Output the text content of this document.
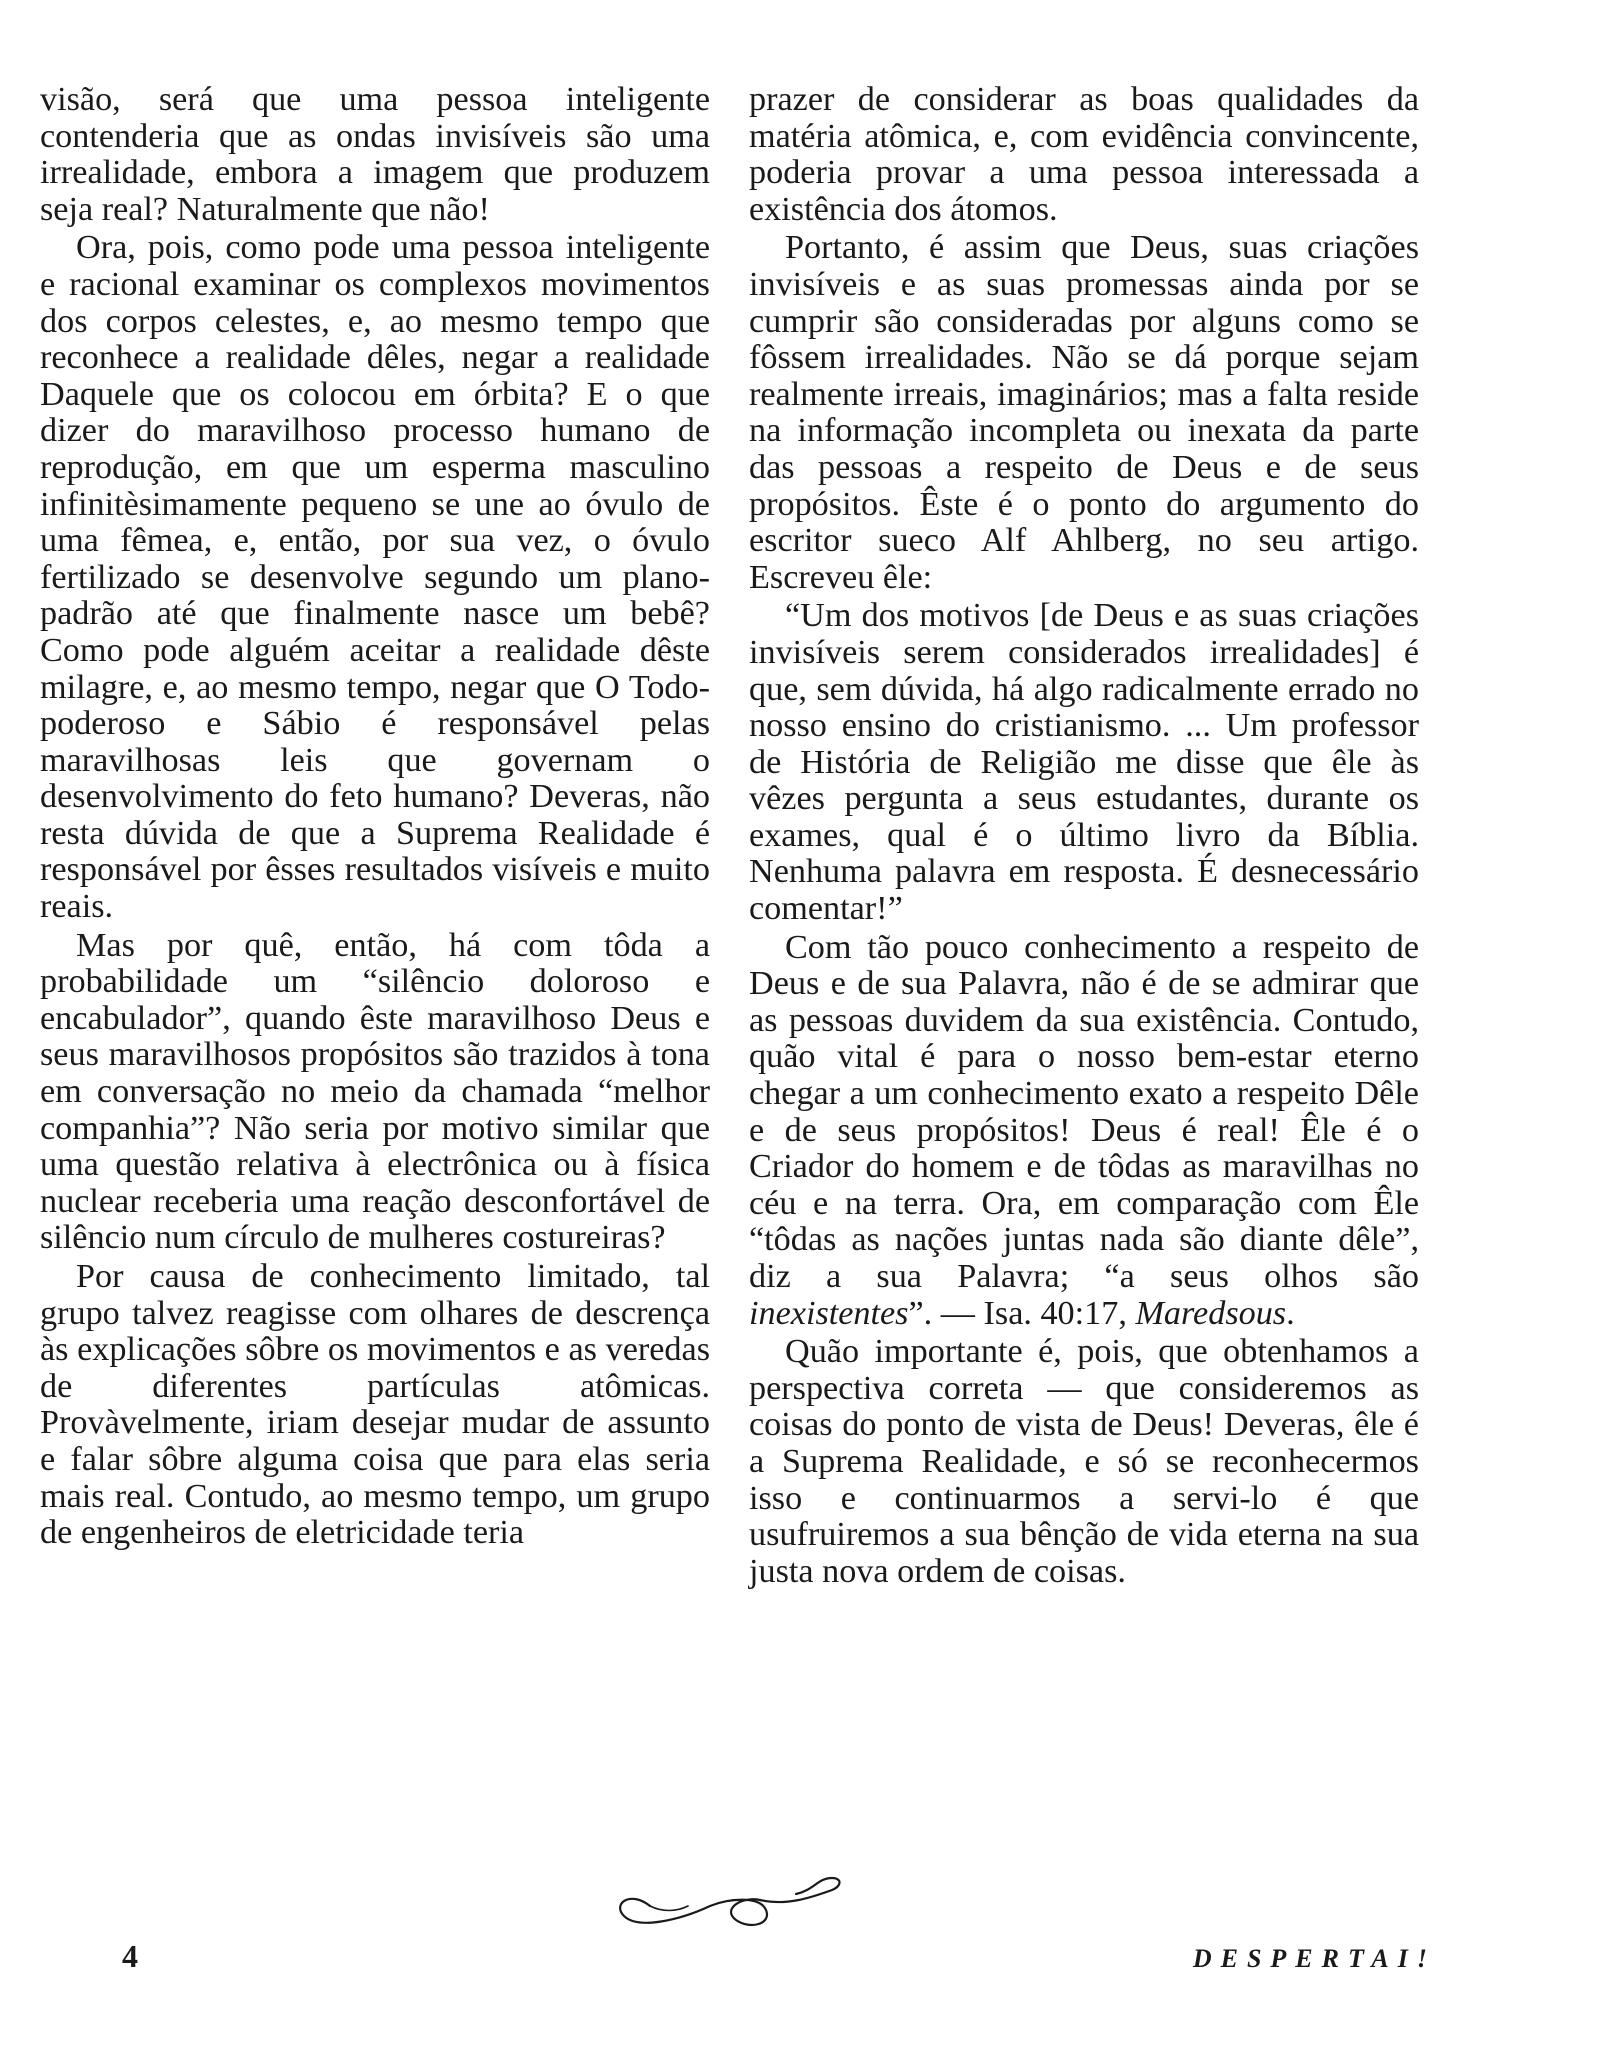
visão, será que uma pessoa inteligente contenderia que as ondas invisíveis são uma irrealidade, embora a imagem que produzem seja real? Naturalmente que não!

Ora, pois, como pode uma pessoa inteligente e racional examinar os complexos movimentos dos corpos celestes, e, ao mesmo tempo que reconhece a realidade dêles, negar a realidade Daquele que os colocou em órbita? E o que dizer do maravilhoso processo humano de reprodução, em que um esperma masculino infinitèsimamente pequeno se une ao óvulo de uma fêmea, e, então, por sua vez, o óvulo fertilizado se desenvolve segundo um plano-padrão até que finalmente nasce um bebê? Como pode alguém aceitar a realidade dêste milagre, e, ao mesmo tempo, negar que O Todo-poderoso e Sábio é responsável pelas maravilhosas leis que governam o desenvolvimento do feto humano? Deveras, não resta dúvida de que a Suprema Realidade é responsável por êsses resultados visíveis e muito reais.

Mas por quê, então, há com tôda a probabilidade um “silêncio doloroso e encabulador”, quando êste maravilhoso Deus e seus maravilhosos propósitos são trazidos à tona em conversação no meio da chamada “melhor companhia”? Não seria por motivo similar que uma questão relativa à electrônica ou à física nuclear receberia uma reação desconfortável de silêncio num círculo de mulheres costureiras?

Por causa de conhecimento limitado, tal grupo talvez reagisse com olhares de descrença às explicações sôbre os movimentos e as veredas de diferentes partículas atômicas. Provàvelmente, iriam desejar mudar de assunto e falar sôbre alguma coisa que para elas seria mais real. Contudo, ao mesmo tempo, um grupo de engenheiros de eletricidade teria

prazer de considerar as boas qualidades da matéria atômica, e, com evidência convincente, poderia provar a uma pessoa interessada a existência dos átomos.

Portanto, é assim que Deus, suas criações invisíveis e as suas promessas ainda por se cumprir são consideradas por alguns como se fôssem irrealidades. Não se dá porque sejam realmente irreais, imaginários; mas a falta reside na informação incompleta ou inexata da parte das pessoas a respeito de Deus e de seus propósitos. Êste é o ponto do argumento do escritor sueco Alf Ahlberg, no seu artigo. Escreveu êle:

“Um dos motivos [de Deus e as suas criações invisíveis serem considerados irrealidades] é que, sem dúvida, há algo radicalmente errado no nosso ensino do cristianismo. ... Um professor de História de Religião me disse que êle às vêzes pergunta a seus estudantes, durante os exames, qual é o último livro da Bíblia. Nenhuma palavra em resposta. É desnecessário comentar!”

Com tão pouco conhecimento a respeito de Deus e de sua Palavra, não é de se admirar que as pessoas duvidem da sua existência. Contudo, quão vital é para o nosso bem-estar eterno chegar a um conhecimento exato a respeito Dêle e de seus propósitos! Deus é real! Êle é o Criador do homem e de tôdas as maravilhas no céu e na terra. Ora, em comparação com Êle “tôdas as nações juntas nada são diante dêle”, diz a sua Palavra; “a seus olhos são inexistentes”. — Isa. 40:17, Maredsous.

Quão importante é, pois, que obtenhamos a perspectiva correta — que consideremos as coisas do ponto de vista de Deus! Deveras, êle é a Suprema Realidade, e só se reconhecermos isso e continuarmos a servi-lo é que usufruiremos a sua bênção de vida eterna na sua justa nova ordem de coisas.

4	DESPERTAI!
